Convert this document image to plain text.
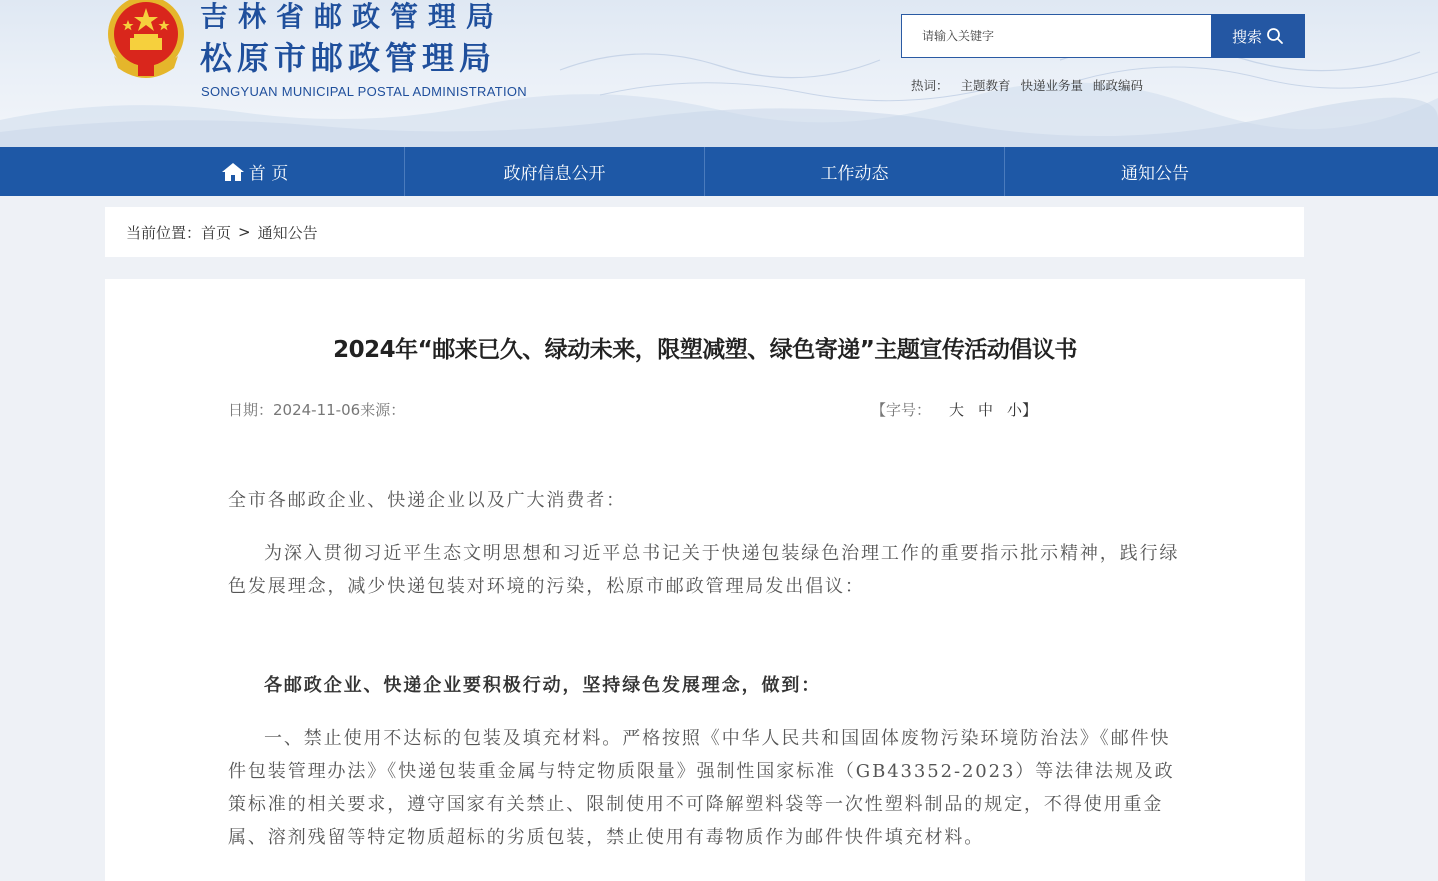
吉林省邮政管理局
松原市邮政管理局
SONGYUAN MUNICIPAL POSTAL ADMINISTRATION
请输入关键字
搜索
热词： 主题教育 快递业务量 邮政编码
首 页	政府信息公开	工作动态	通知公告
当前位置： 首页 > 通知公告
2024年“邮来已久、绿动未来，限塑减塑、绿色寄递”主题宣传活动倡议书
日期：2024-11-06来源：	【字号： 大 中 小 】

全市各邮政企业、快递企业以及广大消费者：

为深入贯彻习近平生态文明思想和习近平总书记关于快递包装绿色治理工作的重要指示批示精神，践行绿色发展理念，减少快递包装对环境的污染，松原市邮政管理局发出倡议：

各邮政企业、快递企业要积极行动，坚持绿色发展理念，做到：

一、禁止使用不达标的包装及填充材料。严格按照《中华人民共和国固体废物污染环境防治法》《邮件快件包装管理办法》《快递包装重金属与特定物质限量》强制性国家标准（GB43352-2023）等法律法规及政策标准的相关要求，遵守国家有关禁止、限制使用不可降解塑料袋等一次性塑料制品的规定，不得使用重金属、溶剂残留等特定物质超标的劣质包装，禁止使用有毒物质作为邮件快件填充材料。
